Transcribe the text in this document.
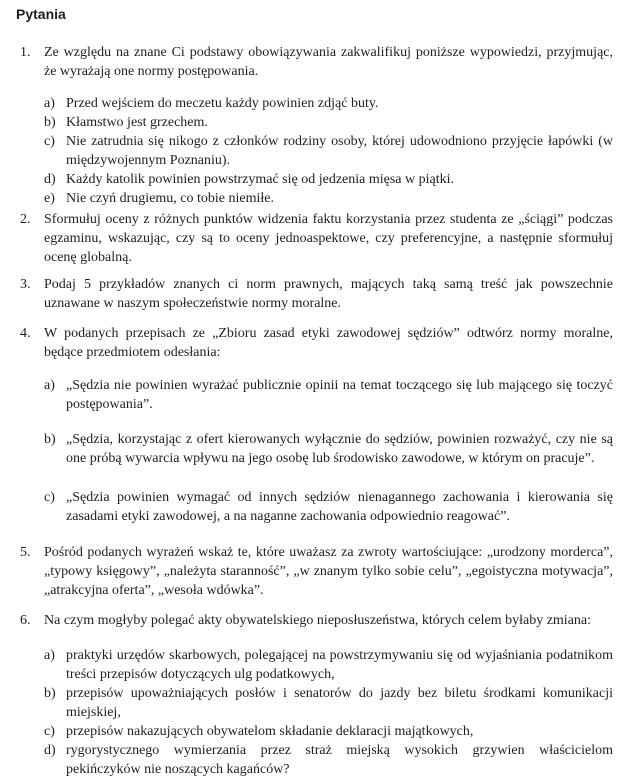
Pytania
1. Ze względu na znane Ci podstawy obowiązywania zakwalifikuj poniższe wypowiedzi, przyjmując, że wyrażają one normy postępowania.

a) Przed wejściem do meczetu każdy powinien zdjąć buty.
b) Kłamstwo jest grzechem.
c) Nie zatrudnia się nikogo z członków rodziny osoby, której udowodniono przyjęcie łapówki (w międzywojennym Poznaniu).
d) Każdy katolik powinien powstrzymać się od jedzenia mięsa w piątki.
e) Nie czyń drugiemu, co tobie niemiłe.
2. Sformułuj oceny z różnych punktów widzenia faktu korzystania przez studenta ze „ściągi” podczas egzaminu, wskazując, czy są to oceny jednoaspektowe, czy preferencyjne, a następnie sformułuj ocenę globalną.

3. Podaj 5 przykładów znanych ci norm prawnych, mających taką samą treść jak powszechnie uznawane w naszym społeczeństwie normy moralne.

4. W podanych przepisach ze „Zbioru zasad etyki zawodowej sędziów” odtwórz normy moralne, będące przedmiotem odesłania:

a) „Sędzia nie powinien wyrażać publicznie opinii na temat toczącego się lub mającego się toczyć postępowania”.
b) „Sędzia, korzystając z ofert kierowanych wyłącznie do sędziów, powinien rozważyć, czy nie są one próbą wywarcia wpływu na jego osobę lub środowisko zawodowe, w którym on pracuje”.
c) „Sędzia powinien wymagać od innych sędziów nienagannego zachowania i kierowania się zasadami etyki zawodowej, a na naganne zachowania odpowiednio reagować”.
5. Pośród podanych wyrażeń wskaż te, które uważasz za zwroty wartościujące: „urodzony morderca”, „typowy księgowy”, „należyta staranność”, „w znanym tylko sobie celu”, „egoistyczna motywacja”, „atrakcyjna oferta”, „wesoła wdówka”.

6. Na czym mogłyby polegać akty obywatelskiego nieposłuszeństwa, których celem byłaby zmiana:

a) praktyki urzędów skarbowych, polegającej na powstrzymywaniu się od wyjaśniania podatnikom treści przepisów dotyczących ulg podatkowych,
b) przepisów upoważniających posłów i senatorów do jazdy bez biletu środkami komunikacji miejskiej,
c) przepisów nakazujących obywatelom składanie deklaracji majątkowych,
d) rygorystycznego wymierzania przez straż miejską wysokich grzywien właścicielom pekińczyków nie noszących kagańców?
